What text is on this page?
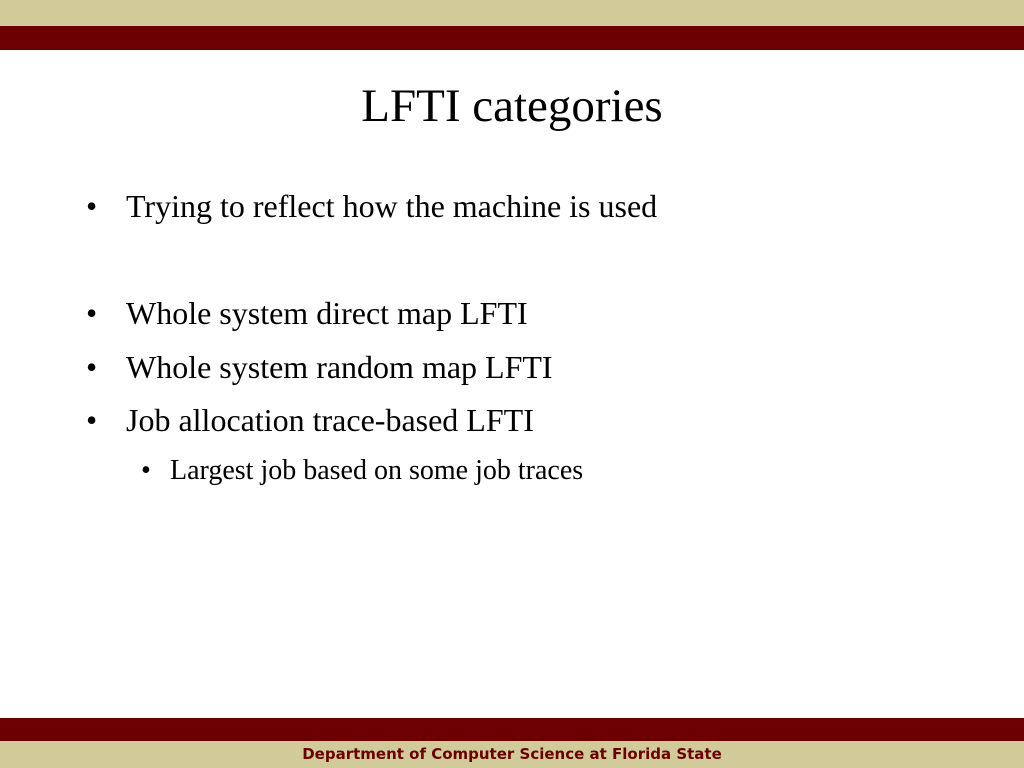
LFTI categories
• Trying to reflect how the machine is used
• Whole system direct map LFTI
• Whole system random map LFTI
• Job allocation trace-based LFTI
• Largest job based on some job traces
Department of Computer Science at Florida State
